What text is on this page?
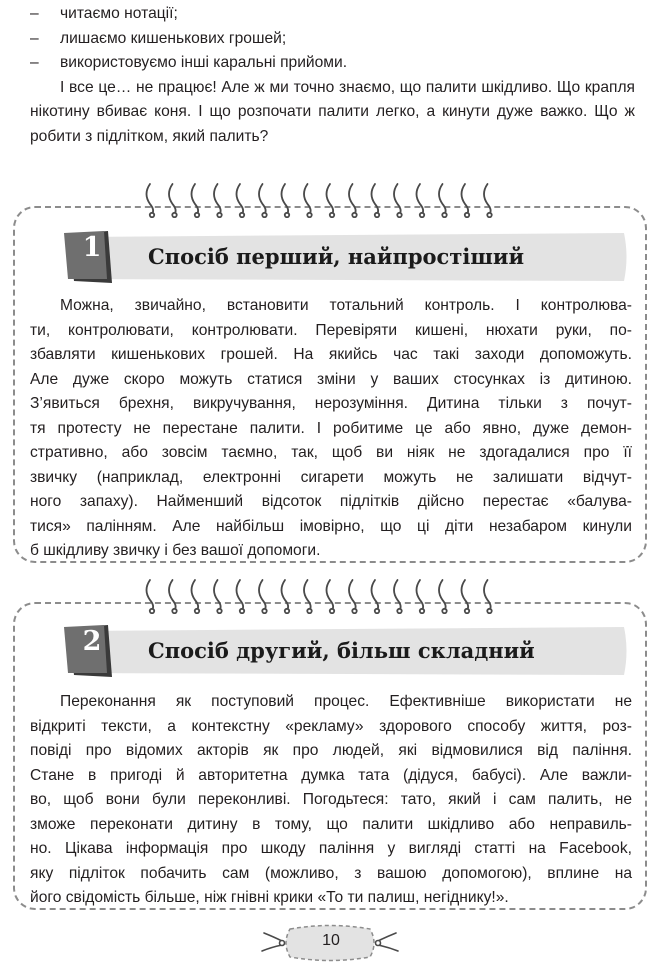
– читаємо нотації;
– лишаємо кишенькових грошей;
– використовуємо інші каральні прийоми.
І все це… не працює! Але ж ми точно знаємо, що палити шкідливо. Що крапля нікотину вбиває коня. І що розпочати палити легко, а кинути дуже важко. Що ж робити з підлітком, який палить?
1 Спосіб перший, найпростіший

Можна, звичайно, встановити тотальний контроль. І контролюва-

ти, контролювати, контролювати. Перевіряти кишені, нюхати руки, по-

збавляти кишенькових грошей. На якийсь час такі заходи допоможуть.

Але дуже скоро можуть статися зміни у ваших стосунках із дитиною.

З’явиться брехня, викручування, нерозуміння. Дитина тільки з почут-

тя протесту не перестане палити. І робитиме це або явно, дуже демон-

стративно, або зовсім таємно, так, щоб ви ніяк не здогадалися про її

звичку (наприклад, електронні сигарети можуть не залишати відчут-

ного запаху). Найменший відсоток підлітків дійсно перестає «балува-

тися» палінням. Але найбільш імовірно, що ці діти незабаром кинули

б шкідливу звичку і без вашої допомоги.

2 Спосіб другий, більш складний

Переконання як поступовий процес. Ефективніше використати не

відкриті тексти, а контекстну «рекламу» здорового способу життя, роз-

повіді про відомих акторів як про людей, які відмовилися від паління.

Стане в пригоді й авторитетна думка тата (дідуся, бабусі). Але важли-

во, щоб вони були переконливі. Погодьтеся: тато, який і сам палить, не

зможе переконати дитину в тому, що палити шкідливо або неправиль-

но. Цікава інформація про шкоду паління у вигляді статті на Facebook,

яку підліток побачить сам (можливо, з вашою допомогою), вплине на

його свідомість більше, ніж гнівні крики «То ти палиш, негіднику!».

10
